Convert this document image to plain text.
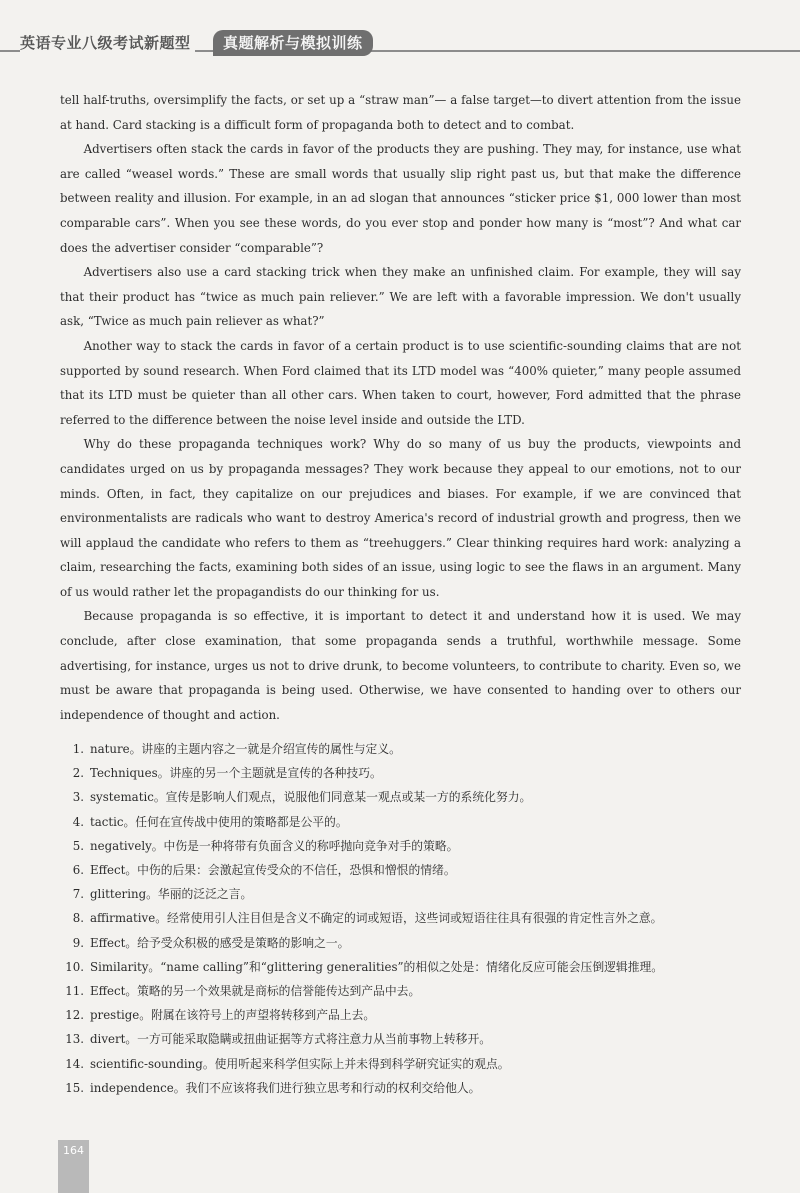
英语专业八级考试新题型	真题解析与模拟训练

tell half-truths, oversimplify the facts, or set up a “straw man”— a false target—to divert attention from the issue at hand. Card stacking is a difficult form of propaganda both to detect and to combat.

Advertisers often stack the cards in favor of the products they are pushing. They may, for instance, use what are called “weasel words.” These are small words that usually slip right past us, but that make the difference between reality and illusion. For example, in an ad slogan that announces “sticker price $1, 000 lower than most comparable cars”. When you see these words, do you ever stop and ponder how many is “most”? And what car does the advertiser consider “comparable”?

Advertisers also use a card stacking trick when they make an unfinished claim. For example, they will say that their product has “twice as much pain reliever.” We are left with a favorable impression. We don't usually ask, “Twice as much pain reliever as what?”

Another way to stack the cards in favor of a certain product is to use scientific-sounding claims that are not supported by sound research. When Ford claimed that its LTD model was “400% quieter,” many people assumed that its LTD must be quieter than all other cars. When taken to court, however, Ford admitted that the phrase referred to the difference between the noise level inside and outside the LTD.

Why do these propaganda techniques work? Why do so many of us buy the products, viewpoints and candidates urged on us by propaganda messages? They work because they appeal to our emotions, not to our minds. Often, in fact, they capitalize on our prejudices and biases. For example, if we are convinced that environmentalists are radicals who want to destroy America's record of industrial growth and progress, then we will applaud the candidate who refers to them as “treehuggers.” Clear thinking requires hard work: analyzing a claim, researching the facts, examining both sides of an issue, using logic to see the flaws in an argument. Many of us would rather let the propagandists do our thinking for us.

Because propaganda is so effective, it is important to detect it and understand how it is used. We may conclude, after close examination, that some propaganda sends a truthful, worthwhile message. Some advertising, for instance, urges us not to drive drunk, to become volunteers, to contribute to charity. Even so, we must be aware that propaganda is being used. Otherwise, we have consented to handing over to others our independence of thought and action.

1. nature。讲座的主题内容之一就是介绍宣传的属性与定义。
2. Techniques。讲座的另一个主题就是宣传的各种技巧。
3. systematic。宣传是影响人们观点，说服他们同意某一观点或某一方的系统化努力。
4. tactic。任何在宣传战中使用的策略都是公平的。
5. negatively。中伤是一种将带有负面含义的称呼抛向竞争对手的策略。
6. Effect。中伤的后果：会激起宣传受众的不信任，恐惧和憎恨的情绪。
7. glittering。华丽的泛泛之言。
8. affirmative。经常使用引人注目但是含义不确定的词或短语，这些词或短语往往具有很强的肯定性言外之意。
9. Effect。给予受众积极的感受是策略的影响之一。
10. Similarity。“name calling”和“glittering generalities”的相似之处是：情绪化反应可能会压倒逻辑推理。
11. Effect。策略的另一个效果就是商标的信誉能传达到产品中去。
12. prestige。附属在该符号上的声望将转移到产品上去。
13. divert。一方可能采取隐瞒或扭曲证据等方式将注意力从当前事物上转移开。
14. scientific-sounding。使用听起来科学但实际上并未得到科学研究证实的观点。
15. independence。我们不应该将我们进行独立思考和行动的权利交给他人。
164
